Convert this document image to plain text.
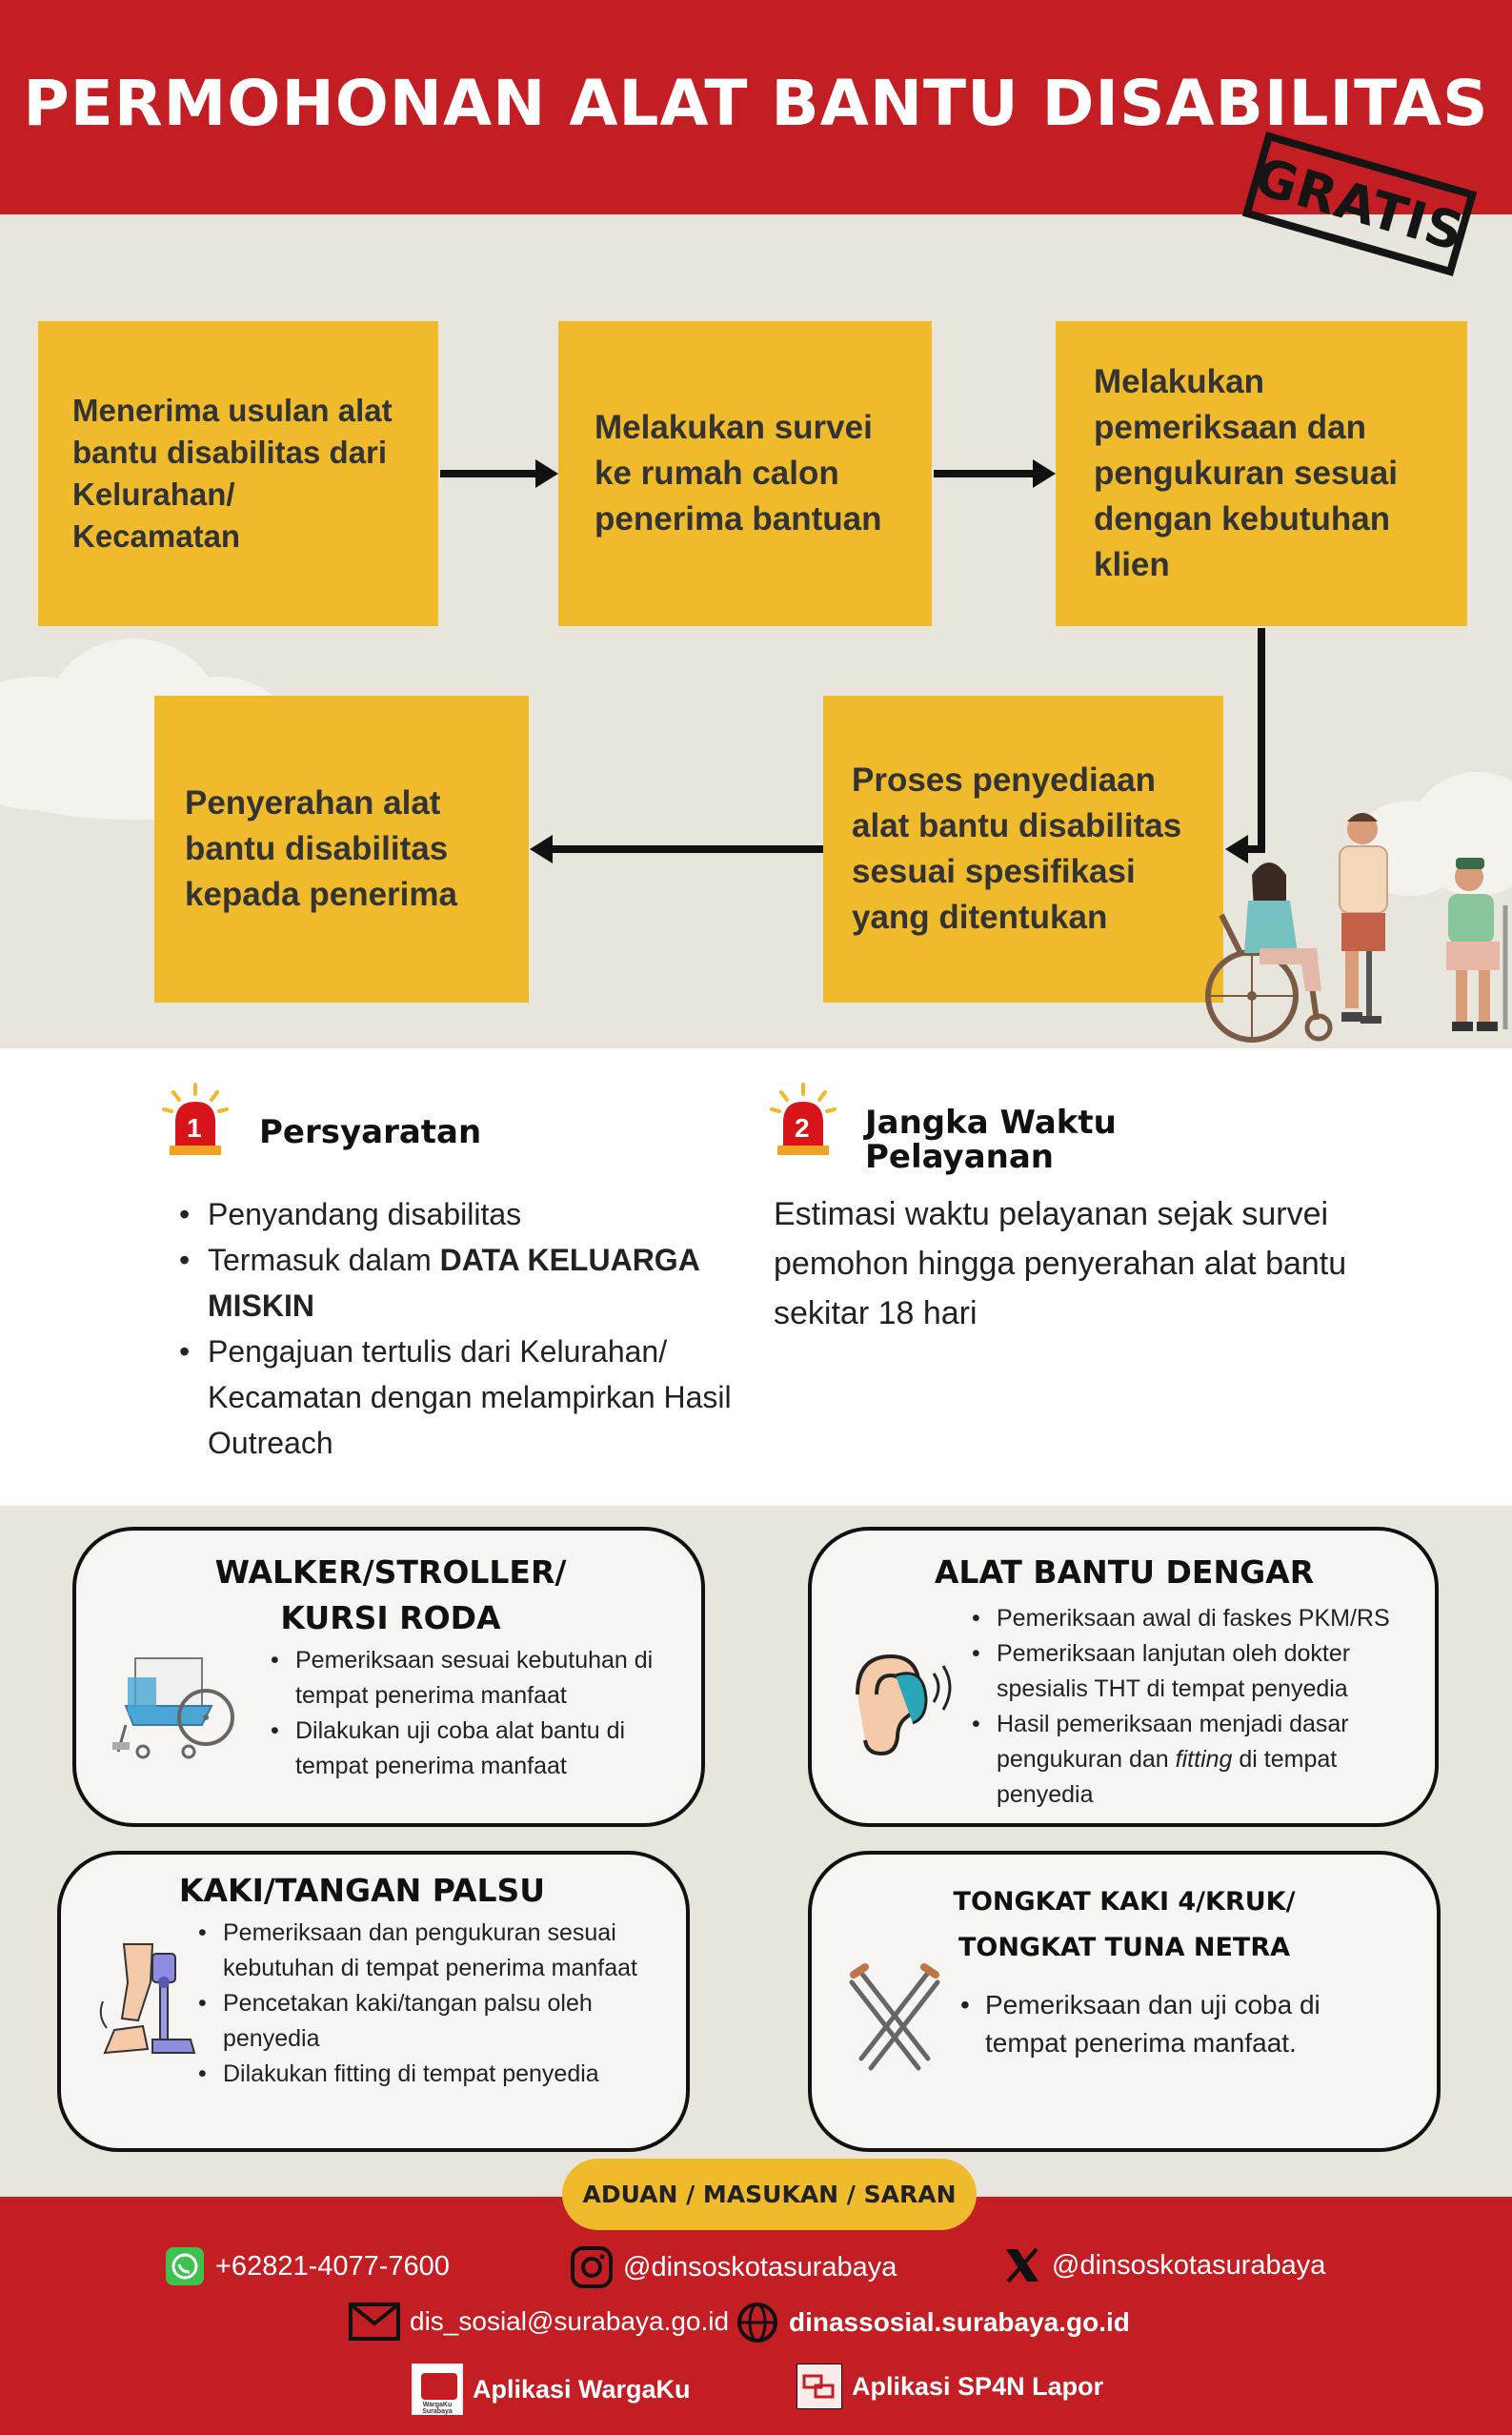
PERMOHONAN ALAT BANTU DISABILITAS
GRATIS
Menerima usulan alat bantu disabilitas dari Kelurahan/ Kecamatan
Melakukan survei ke rumah calon penerima bantuan
Melakukan pemeriksaan dan pengukuran sesuai dengan kebutuhan klien
Proses penyediaan alat bantu disabilitas sesuai spesifikasi yang ditentukan
Penyerahan alat bantu disabilitas kepada penerima
1 Persyaratan
• Penyandang disabilitas
• Termasuk dalam DATA KELUARGA MISKIN
• Pengajuan tertulis dari Kelurahan/ Kecamatan dengan melampirkan Hasil Outreach
2 Jangka Waktu
Pelayanan
Estimasi waktu pelayanan sejak survei pemohon hingga penyerahan alat bantu sekitar 18 hari
WALKER/STROLLER/
KURSI RODA
• Pemeriksaan sesuai kebutuhan di tempat penerima manfaat
• Dilakukan uji coba alat bantu di tempat penerima manfaat
ALAT BANTU DENGAR
• Pemeriksaan awal di faskes PKM/RS
• Pemeriksaan lanjutan oleh dokter spesialis THT di tempat penyedia
• Hasil pemeriksaan menjadi dasar pengukuran dan fitting di tempat penyedia
KAKI/TANGAN PALSU
• Pemeriksaan dan pengukuran sesuai kebutuhan di tempat penerima manfaat
• Pencetakan kaki/tangan palsu oleh penyedia
• Dilakukan fitting di tempat penyedia
TONGKAT KAKI 4/KRUK/
TONGKAT TUNA NETRA
• Pemeriksaan dan uji coba di tempat penerima manfaat.
ADUAN / MASUKAN / SARAN
+62821-4077-7600	@dinsoskotasurabaya	@dinsoskotasurabaya
dis_sosial@surabaya.go.id dinassosial.surabaya.go.id
WargaKu Surabaya
Aplikasi WargaKu	Aplikasi SP4N Lapor
